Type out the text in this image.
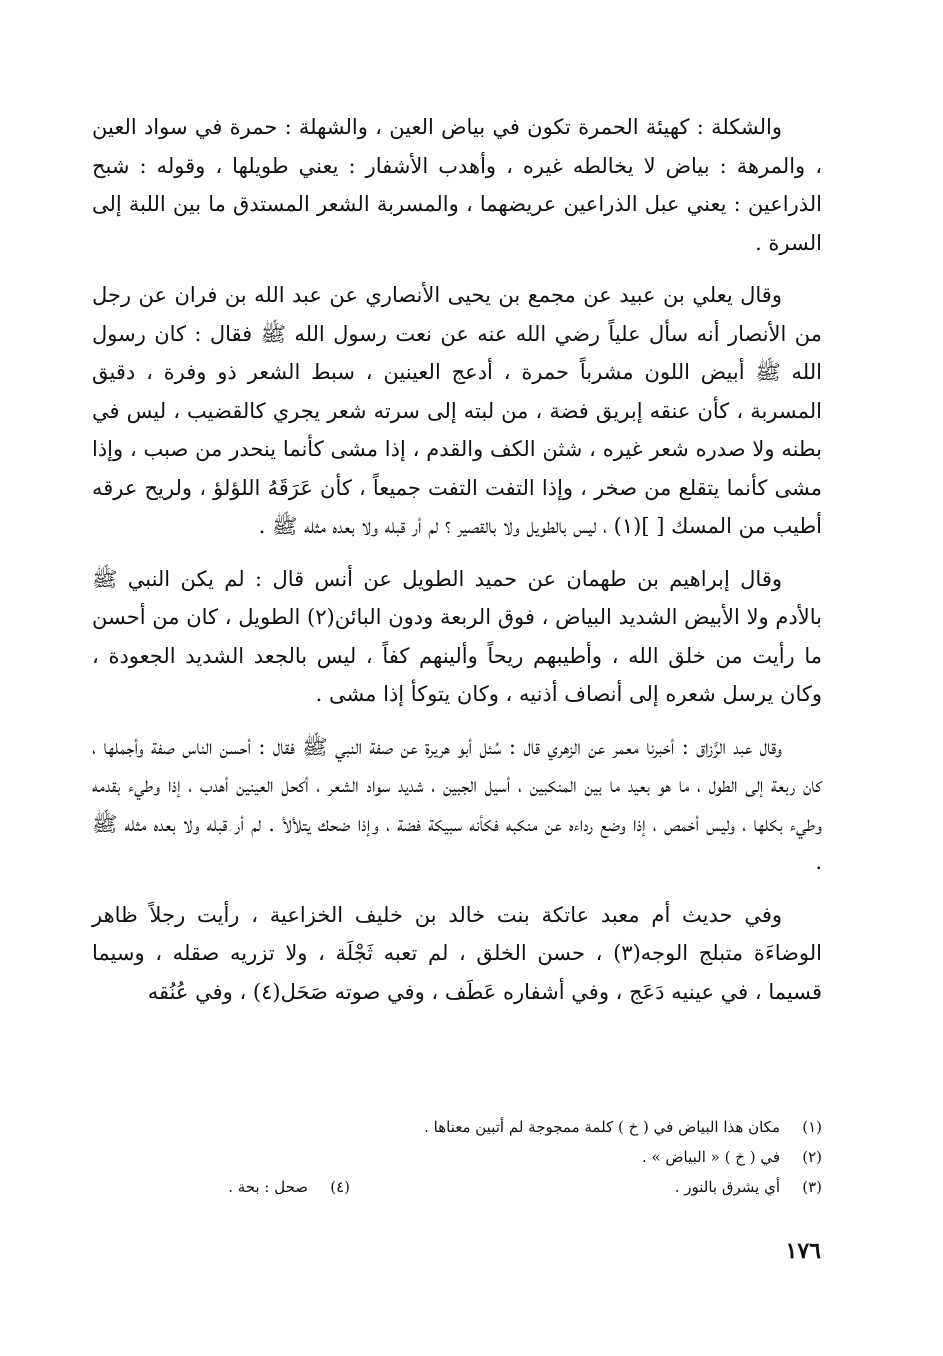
والشكلة : كهيئة الحمرة تكون في بياض العين ، والشهلة : حمرة في سواد العين ، والمرهة : بياض لا يخالطه غيره ، وأهدب الأشفار : يعني طويلها ، وقوله : شبح الذراعين : يعني عبل الذراعين عريضهما ، والمسربة الشعر المستدق ما بين اللبة إلى السرة .

وقال يعلي بن عبيد عن مجمع بن يحيى الأنصاري عن عبد الله بن فران عن رجل من الأنصار أنه سأل علياً رضي الله عنه عن نعت رسول الله ﷺ فقال : كان رسول الله ﷺ أبيض اللون مشرباً حمرة ، أدعج العينين ، سبط الشعر ذو وفرة ، دقيق المسربة ، كأن عنقه إبريق فضة ، من لبته إلى سرته شعر يجري كالقضيب ، ليس في بطنه ولا صدره شعر غيره ، شثن الكف والقدم ، إذا مشى كأنما ينحدر من صبب ، وإذا مشى كأنما يتقلع من صخر ، وإذا التفت التفت جميعاً ، كأن عَرَقَهُ اللؤلؤ ، ولريح عرقه أطيب من المسك [ ](١) ، ليس بالطويل ولا بالقصير ؟ لم أر قبله ولا بعده مثله ﷺ .

وقال إبراهيم بن طهمان عن حميد الطويل عن أنس قال : لم يكن النبي ﷺ بالأدم ولا الأبيض الشديد البياض ، فوق الربعة ودون البائن(٢) الطويل ، كان من أحسن ما رأيت من خلق الله ، وأطيبهم ريحاً وألينهم كفاً ، ليس بالجعد الشديد الجعودة ، وكان يرسل شعره إلى أنصاف أذنيه ، وكان يتوكأ إذا مشى .

وقال عبد الرَّزاق : أخبرنا معمر عن الزهري قال : سُئل أبو هريرة عن صفة النبي ﷺ فقال : أحسن الناس صفة وأجملها ، كان ربعة إلى الطول ، ما هو بعيد ما بين المنكبين ، أسيل الجبين ، شديد سواد الشعر ، أكحل العينين أهدب ، إذا وطيء بقدمه وطيء بكلها ، وليس أخمص ، إذا وضع رداءه عن منكبه فكأنه سبيكة فضة ، وإذا ضحك يتلألأ . لم أر قبله ولا بعده مثله ﷺ .

وفي حديث أم معبد عاتكة بنت خالد بن خليف الخزاعية ، رأيت رجلاً ظاهر الوضاءَة متبلج الوجه(٣) ، حسن الخلق ، لم تعبه ثَجْلَة ، ولا تزريه صقله ، وسيما قسيما ، في عينيه دَعَج ، وفي أشفاره عَطَف ، وفي صوته صَحَل(٤) ، وفي عُنُقه

(١)
مكان هذا البياض في ( خ ) كلمة ممجوجة لم أتبين معناها .
(٢)
في ( خ ) « البياض » .
(٣)
أي يشرق بالنور .
(٤)
صحل : بحة .
١٧٦
